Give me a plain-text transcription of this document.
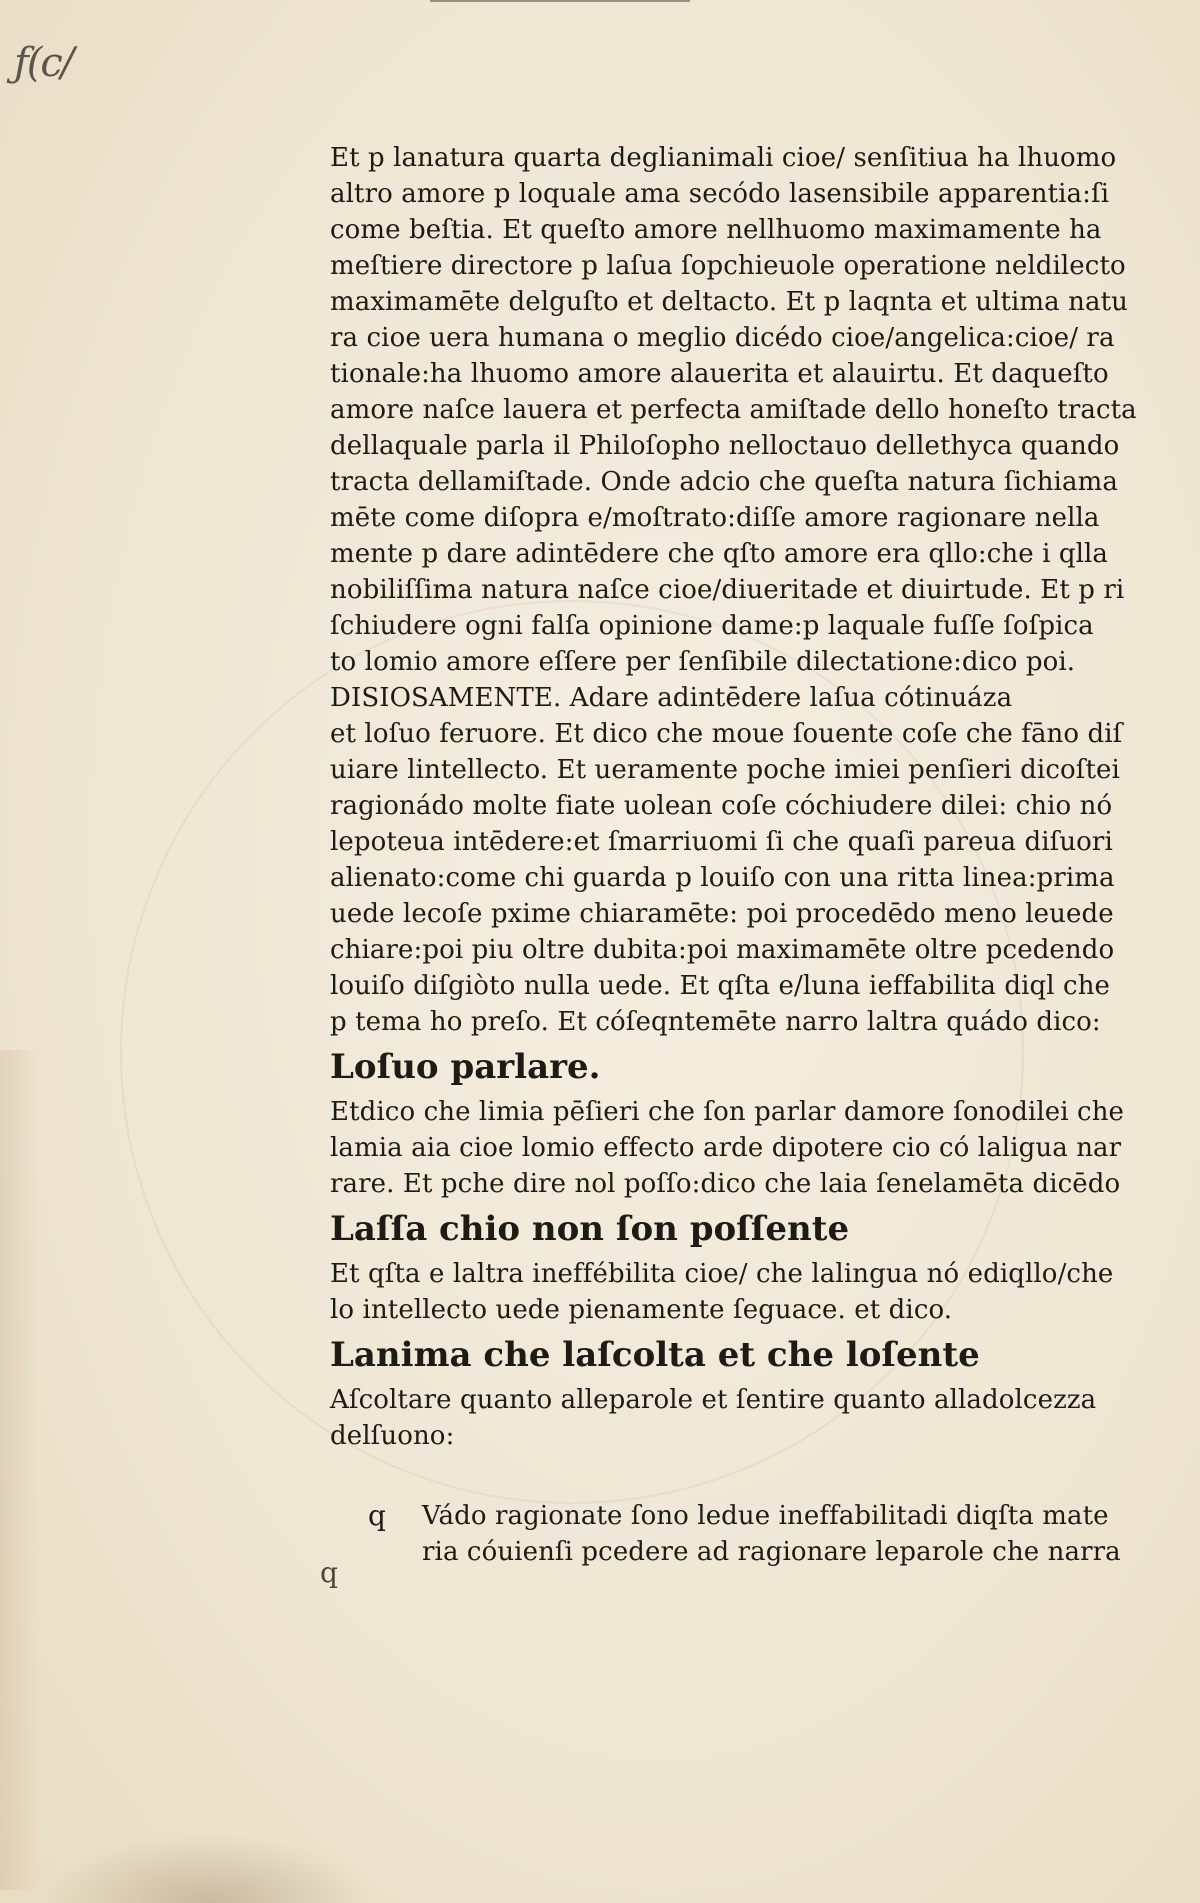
ƒ(c/
Et p lanatura quarta deglianimali cioe/ senſitiua ha lhuomo
altro amore p loquale ama secódo lasensibile apparentia:ſi
come beſtia. Et queſto amore nellhuomo maximamente ha
meſtiere directore p laſua ſopchieuole operatione neldilecto
maximamēte delguſto et deltacto. Et p laqnta et ultima natu
ra cioe uera humana o meglio dicédo cioe/angelica:cioe/ ra
tionale:ha lhuomo amore alauerita et alauirtu. Et daqueſto
amore naſce lauera et perfecta amiſtade dello honeſto tracta
dellaquale parla il Philoſopho nelloctauo dellethyca quando
tracta dellamiſtade. Onde adcio che queſta natura ſichiama
mēte come diſopra e/moſtrato:diſſe amore ragionare nella
mente p dare adintēdere che qſto amore era qllo:che i qlla
nobiliſſima natura naſce cioe/diueritade et diuirtude. Et p ri
ſchiudere ogni falſa opinione dame:p laquale fuſſe ſoſpica
to lomio amore eſſere per ſenſibile dilectatione:dico poi.
DISIOSAMENTE. Adare adintēdere laſua cótinuáza
et loſuo feruore. Et dico che moue ſouente coſe che fāno diſ
uiare lintellecto. Et ueramente poche imiei penſieri dicoſtei
ragionádo molte fiate uolean coſe cóchiudere dilei: chio nó
lepoteua intēdere:et ſmarriuomi ſi che quaſi pareua diſuori
alienato:come chi guarda p louiſo con una ritta linea:prima
uede lecoſe pxime chiaramēte: poi procedēdo meno leuede
chiare:poi piu oltre dubita:poi maximamēte oltre pcedendo
louiſo diſgiòto nulla uede. Et qſta e/luna ieffabilita diql che
p tema ho preſo. Et cóſeqntemēte narro laltra quádo dico:
Loſuo parlare.
Etdico che limia pēſieri che ſon parlar damore ſonodilei che
lamia aia cioe lomio effecto arde dipotere cio có laligua nar
rare. Et pche dire nol poſſo:dico che laia ſenelamēta dicēdo
Laſſa chio non ſon poſſente
Et qſta e laltra ineffébilita cioe/ che lalingua nó ediqllo/che
lo intellecto uede pienamente ſeguace. et dico.
Lanima che laſcolta et che loſente
Aſcoltare quanto alleparole et ſentire quanto alladolcezza
delſuono:
q Vádo ragionate ſono ledue ineffabilitadi diqſta mate
ria cóuienſi pcedere ad ragionare leparole che narra
q
